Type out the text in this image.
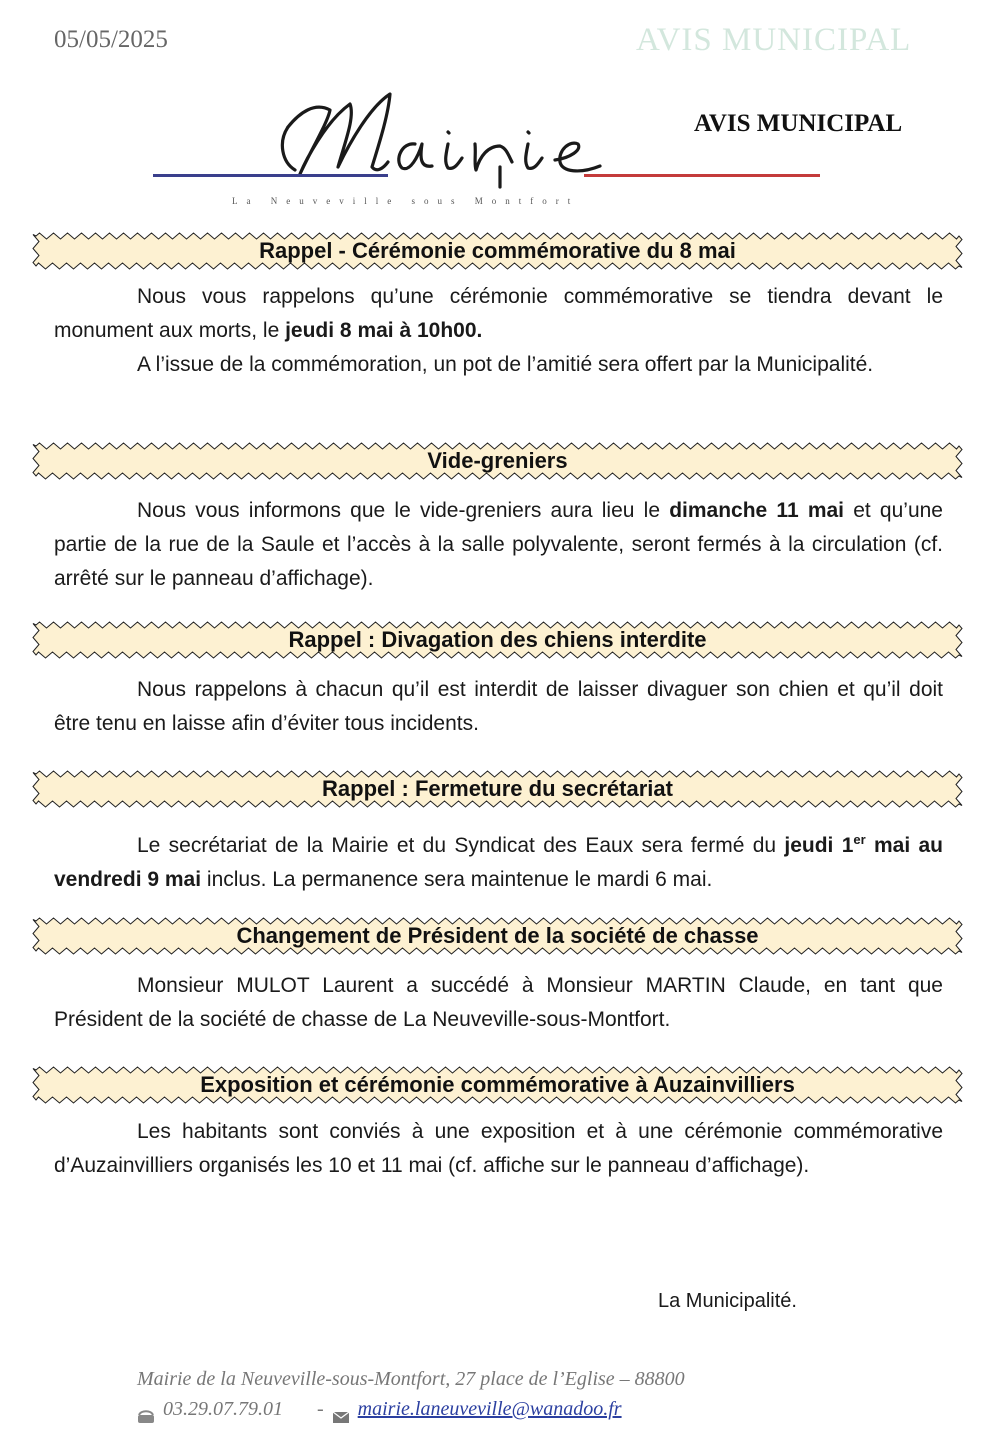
05/05/2025	AVIS MUNICIPAL
La Neuveville sous Montfort
AVIS MUNICIPAL
Rappel - Cérémonie commémorative du 8 mai

Nous vous rappelons qu’une cérémonie commémorative se tiendra devant le monument aux morts, le jeudi 8 mai à 10h00.

A l’issue de la commémoration, un pot de l’amitié sera offert par la Municipalité.

Vide-greniers

Nous vous informons que le vide-greniers aura lieu le dimanche 11 mai et qu’une partie de la rue de la Saule et l’accès à la salle polyvalente, seront fermés à la circulation (cf. arrêté sur le panneau d’affichage).

Rappel : Divagation des chiens interdite

Nous rappelons à chacun qu’il est interdit de laisser divaguer son chien et qu’il doit être tenu en laisse afin d’éviter tous incidents.

Rappel : Fermeture du secrétariat

Le secrétariat de la Mairie et du Syndicat des Eaux sera fermé du jeudi 1er mai au vendredi 9 mai inclus. La permanence sera maintenue le mardi 6 mai.

Changement de Président de la société de chasse

Monsieur MULOT Laurent a succédé à Monsieur MARTIN Claude, en tant que Président de la société de chasse de La Neuveville-sous-Montfort.

Exposition et cérémonie commémorative à Auzainvilliers

Les habitants sont conviés à une exposition et à une cérémonie commémorative d’Auzainvilliers organisés les 10 et 11 mai (cf. affiche sur le panneau d’affichage).

La Municipalité.
Mairie de la Neuveville-sous-Montfort, 27 place de l’Eglise – 88800
03.29.07.79.01 - mairie.laneuveville@wanadoo.fr
